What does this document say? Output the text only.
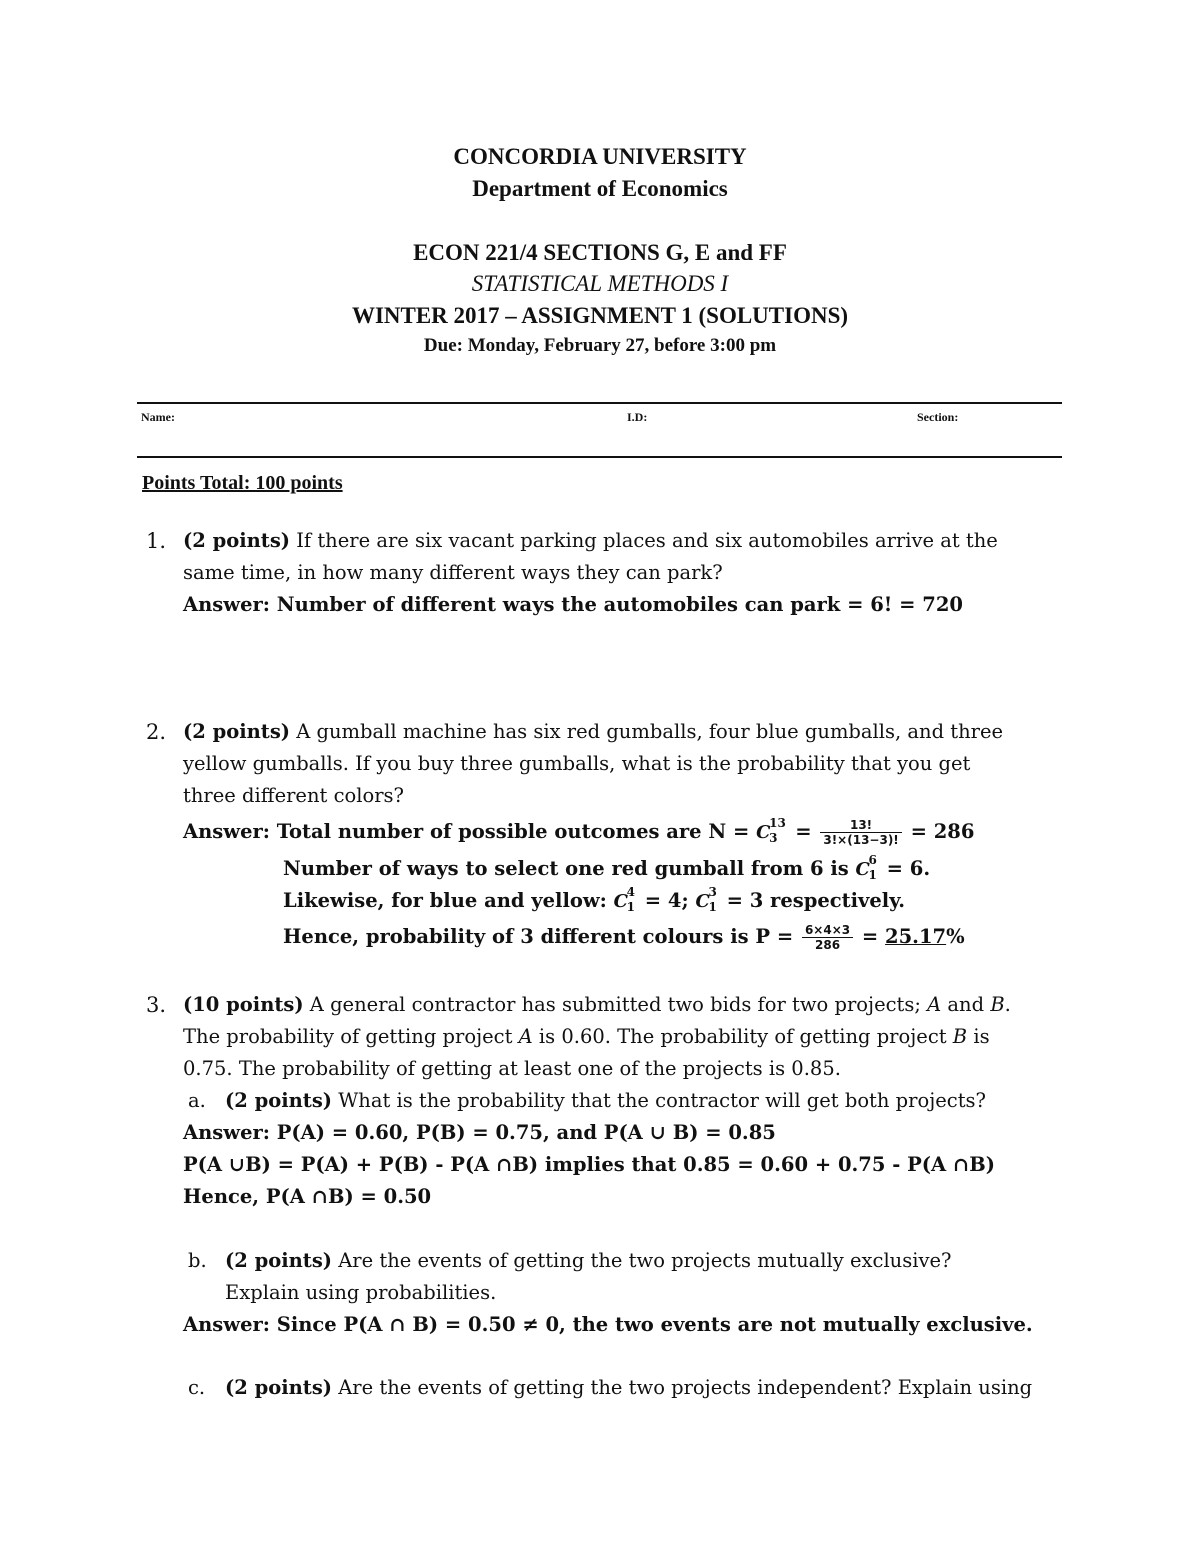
CONCORDIA UNIVERSITY
Department of Economics
ECON 221/4 SECTIONS G, E and FF
STATISTICAL METHODS I
WINTER 2017 – ASSIGNMENT 1 (SOLUTIONS)
Due: Monday, February 27, before 3:00 pm
Name:	I.D:	Section:
Points Total: 100 points
1. (2 points) If there are six vacant parking places and six automobiles arrive at the
same time, in how many different ways they can park?
Answer: Number of different ways the automobiles can park = 6! = 720
2. (2 points) A gumball machine has six red gumballs, four blue gumballs, and three
yellow gumballs. If you buy three gumballs, what is the probability that you get
three different colors?
Answer: Total number of possible outcomes are N = C
13
$3 = \frac{13!}{3!\times(13-3)!} = 286$
Number of ways to select one red gumball from 6 is C
6
1 = 6.
Likewise, for blue and yellow: C
4
1 = 4; C
3
1 = 3 respectively.
Hence, probability of 3 different colours is $P = \frac{6\times 4\times 3}{286} = 25.17\%$
3. (10 points) A general contractor has submitted two bids for two projects; A and B.
The probability of getting project A is 0.60. The probability of getting project B is
0.75. The probability of getting at least one of the projects is 0.85.
a. (2 points) What is the probability that the contractor will get both projects?
Answer: P(A) = 0.60, P(B) = 0.75, and P(A ∪ B) = 0.85
P(A ∪B) = P(A) + P(B) - P(A ∩B) implies that 0.85 = 0.60 + 0.75 - P(A ∩B)
Hence, P(A ∩B) = 0.50
b. (2 points) Are the events of getting the two projects mutually exclusive?
Explain using probabilities.
Answer: Since P(A ∩ B) = 0.50 ≠ 0, the two events are not mutually exclusive.
c. (2 points) Are the events of getting the two projects independent? Explain using
